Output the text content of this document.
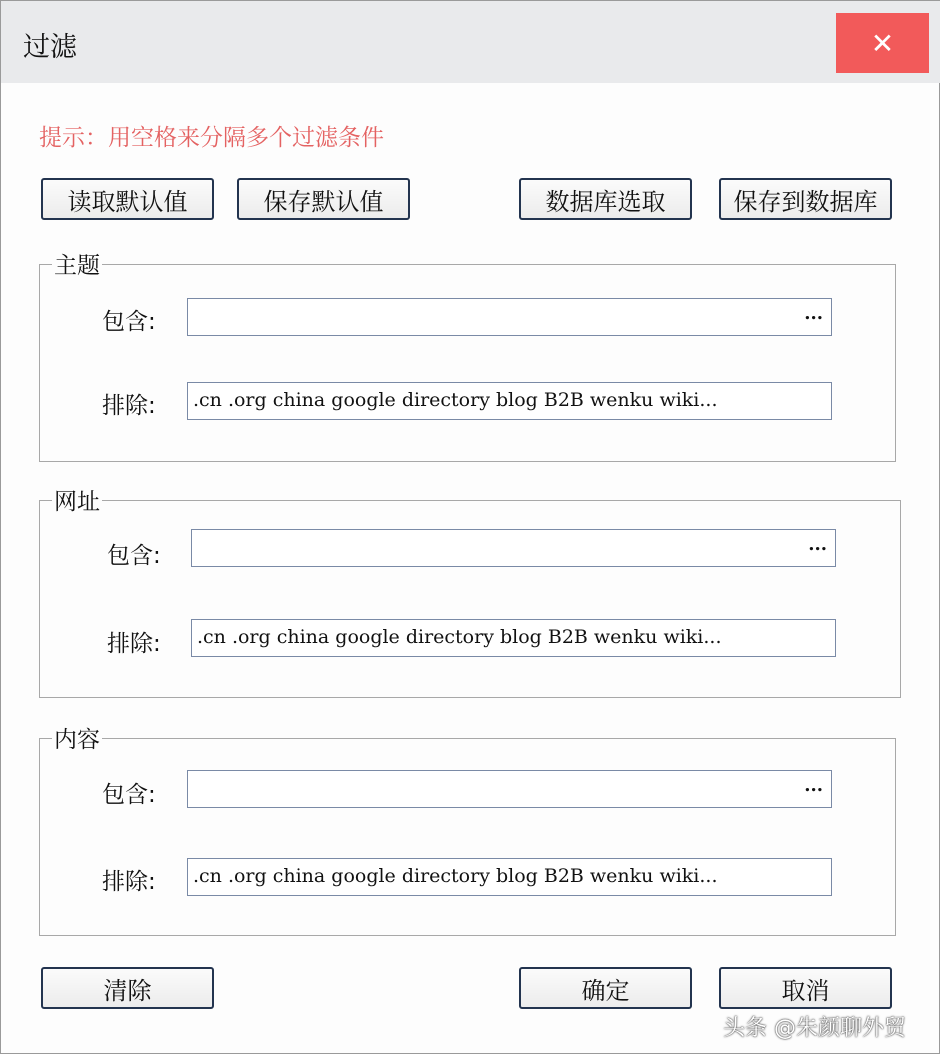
过滤	✕
提示：用空格来分隔多个过滤条件
读取默认值	保存默认值	数据库选取	保存到数据库
主题
包含:	...
排除:	.cn .org china google directory blog B2B wenku wiki...
网址
包含:	...
排除:	.cn .org china google directory blog B2B wenku wiki...
内容
包含:	...
排除:	.cn .org china google directory blog B2B wenku wiki...
清除	确定	取消
头条 @朱颜聊外贸
